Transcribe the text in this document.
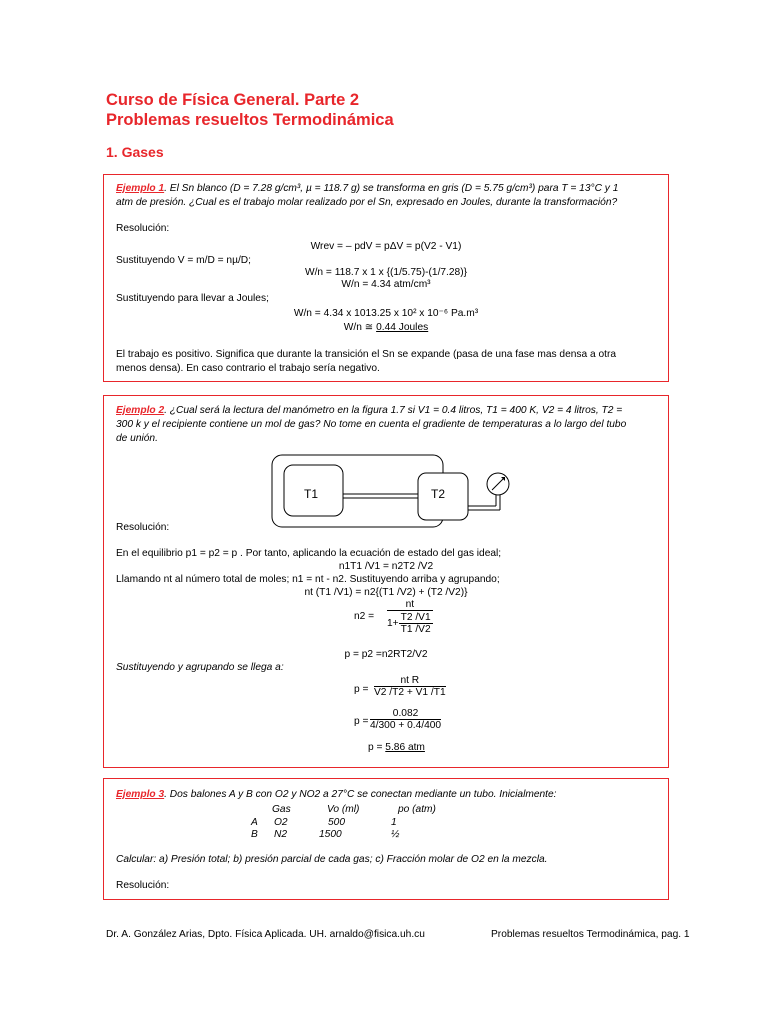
Curso de Física General. Parte 2
Problemas resueltos Termodinámica
1. Gases
Ejemplo 1. El Sn blanco (D = 7.28 g/cm³, µ = 118.7 g) se transforma en gris (D = 5.75 g/cm³) para T = 13°C y 1
atm de presión. ¿Cual es el trabajo molar realizado por el Sn, expresado en Joules, durante la transformación?
Resolución:
Wrev = – pdV = pΔV = p(V2 - V1)
Sustituyendo V = m/D = nµ/D;
W/n = 118.7 x 1 x {(1/5.75)-(1/7.28)}
W/n = 4.34 atm/cm³
Sustituyendo para llevar a Joules;
W/n = 4.34 x 1013.25 x 10² x 10⁻⁶ Pa.m³
W/n ≅ 0.44 Joules
El trabajo es positivo. Significa que durante la transición el Sn se expande (pasa de una fase mas densa a otra
menos densa). En caso contrario el trabajo sería negativo.
Ejemplo 2. ¿Cual será la lectura del manómetro en la figura 1.7 si V1 = 0.4 litros, T1 = 400 K, V2 = 4 litros, T2 =
300 k y el recipiente contiene un mol de gas? No tome en cuenta el gradiente de temperaturas a lo largo del tubo
de unión.
T1	T2
Resolución:
En el equilibrio p1 = p2 = p . Por tanto, aplicando la ecuación de estado del gas ideal;
n1T1 /V1 = n2T2 /V2
Llamando nt al número total de moles; n1 = nt - n2. Sustituyendo arriba y agrupando;
nt (T1 /V1) = n2{(T1 /V2) + (T2 /V2)}
$n2 = \frac{nt}{1+ \frac{T2 /V1}{T1 /V2}}$
p = p2 =n2RT2/V2
Sustituyendo y agrupando se llega a:
$p = \frac{\text{nt R}}{V2 /T2 + V1 /T1}$
$p = \frac{0.082}{4/300 + 0.4/400}$
p = 5.86 atm
Ejemplo 3. Dos balones A y B con O2 y NO2 a 27°C se conectan mediante un tubo. Inicialmente:
Gas	Vo (ml)	po (atm)
A O2	500	1
B N2	1500	½
Calcular: a) Presión total; b) presión parcial de cada gas; c) Fracción molar de O2 en la mezcla.
Resolución:
Dr. A. González Arias, Dpto. Física Aplicada. UH. arnaldo@fisica.uh.cu	Problemas resueltos Termodinámica, pag. 1
